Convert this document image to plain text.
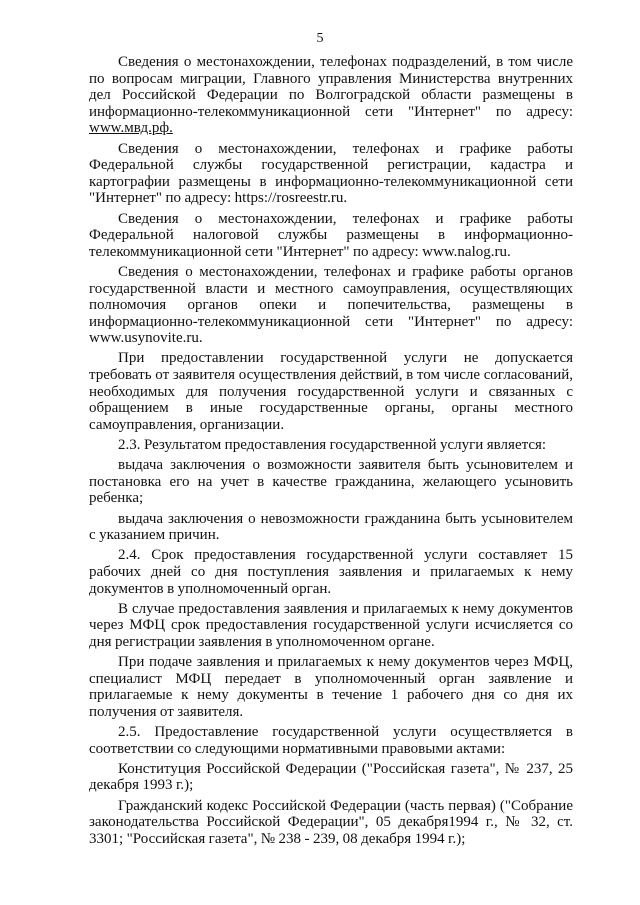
5

Сведения о местонахождении, телефонах подразделений, в том числе по вопросам миграции, Главного управления Министерства внутренних дел Российской Федерации по Волгоградской области размещены в информационно-телекоммуникационной сети "Интернет" по адресу: www.мвд.рф.

Сведения о местонахождении, телефонах и графике работы Федеральной службы государственной регистрации, кадастра и картографии размещены в информационно-телекоммуникационной сети "Интернет" по адресу: https://rosreestr.ru.

Сведения о местонахождении, телефонах и графике работы Федеральной налоговой службы размещены в информационно-телекоммуникационной сети "Интернет" по адресу: www.nalog.ru.

Сведения о местонахождении, телефонах и графике работы органов государственной власти и местного самоуправления, осуществляющих полномочия органов опеки и попечительства, размещены в информационно-телекоммуникационной сети "Интернет" по адресу: www.usynovite.ru.

При предоставлении государственной услуги не допускается требовать от заявителя осуществления действий, в том числе согласований, необходимых для получения государственной услуги и связанных с обращением в иные государственные органы, органы местного самоуправления, организации.

2.3. Результатом предоставления государственной услуги является:

выдача заключения о возможности заявителя быть усыновителем и постановка его на учет в качестве гражданина, желающего усыновить ребенка;

выдача заключения о невозможности гражданина быть усыновителем с указанием причин.

2.4. Срок предоставления государственной услуги составляет 15 рабочих дней со дня поступления заявления и прилагаемых к нему документов в уполномоченный орган.

В случае предоставления заявления и прилагаемых к нему документов через МФЦ срок предоставления государственной услуги исчисляется со дня регистрации заявления в уполномоченном органе.

При подаче заявления и прилагаемых к нему документов через МФЦ, специалист МФЦ передает в уполномоченный орган заявление и прилагаемые к нему документы в течение 1 рабочего дня со дня их получения от заявителя.

2.5. Предоставление государственной услуги осуществляется в соответствии со следующими нормативными правовыми актами:

Конституция Российской Федерации ("Российская газета", № 237, 25 декабря 1993 г.);

Гражданский кодекс Российской Федерации (часть первая) ("Собрание законодательства Российской Федерации", 05 декабря1994 г., № 32, ст. 3301; "Российская газета", № 238 - 239, 08 декабря 1994 г.);
